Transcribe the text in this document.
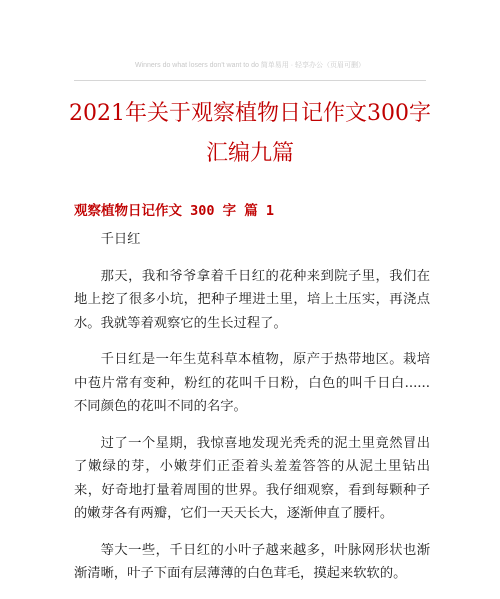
Winners do what losers don't want to do 简单易用 · 轻享办公（页眉可删）
2021年关于观察植物日记作文300字汇编九篇
观察植物日记作文 300 字 篇 1

千日红

那天，我和爷爷拿着千日红的花种来到院子里，我们在地上挖了很多小坑，把种子埋进土里，培上土压实，再浇点水。我就等着观察它的生长过程了。

千日红是一年生苋科草本植物，原产于热带地区。栽培中苞片常有变种，粉红的花叫千日粉，白色的叫千日白......不同颜色的花叫不同的名字。

过了一个星期，我惊喜地发现光秃秃的泥土里竟然冒出了嫩绿的芽，小嫩芽们正歪着头羞羞答答的从泥土里钻出来，好奇地打量着周围的世界。我仔细观察，看到每颗种子的嫩芽各有两瓣，它们一天天长大，逐渐伸直了腰杆。

等大一些，千日红的小叶子越来越多，叶脉网形状也渐渐清晰，叶子下面有层薄薄的白色茸毛，摸起来软软的。
